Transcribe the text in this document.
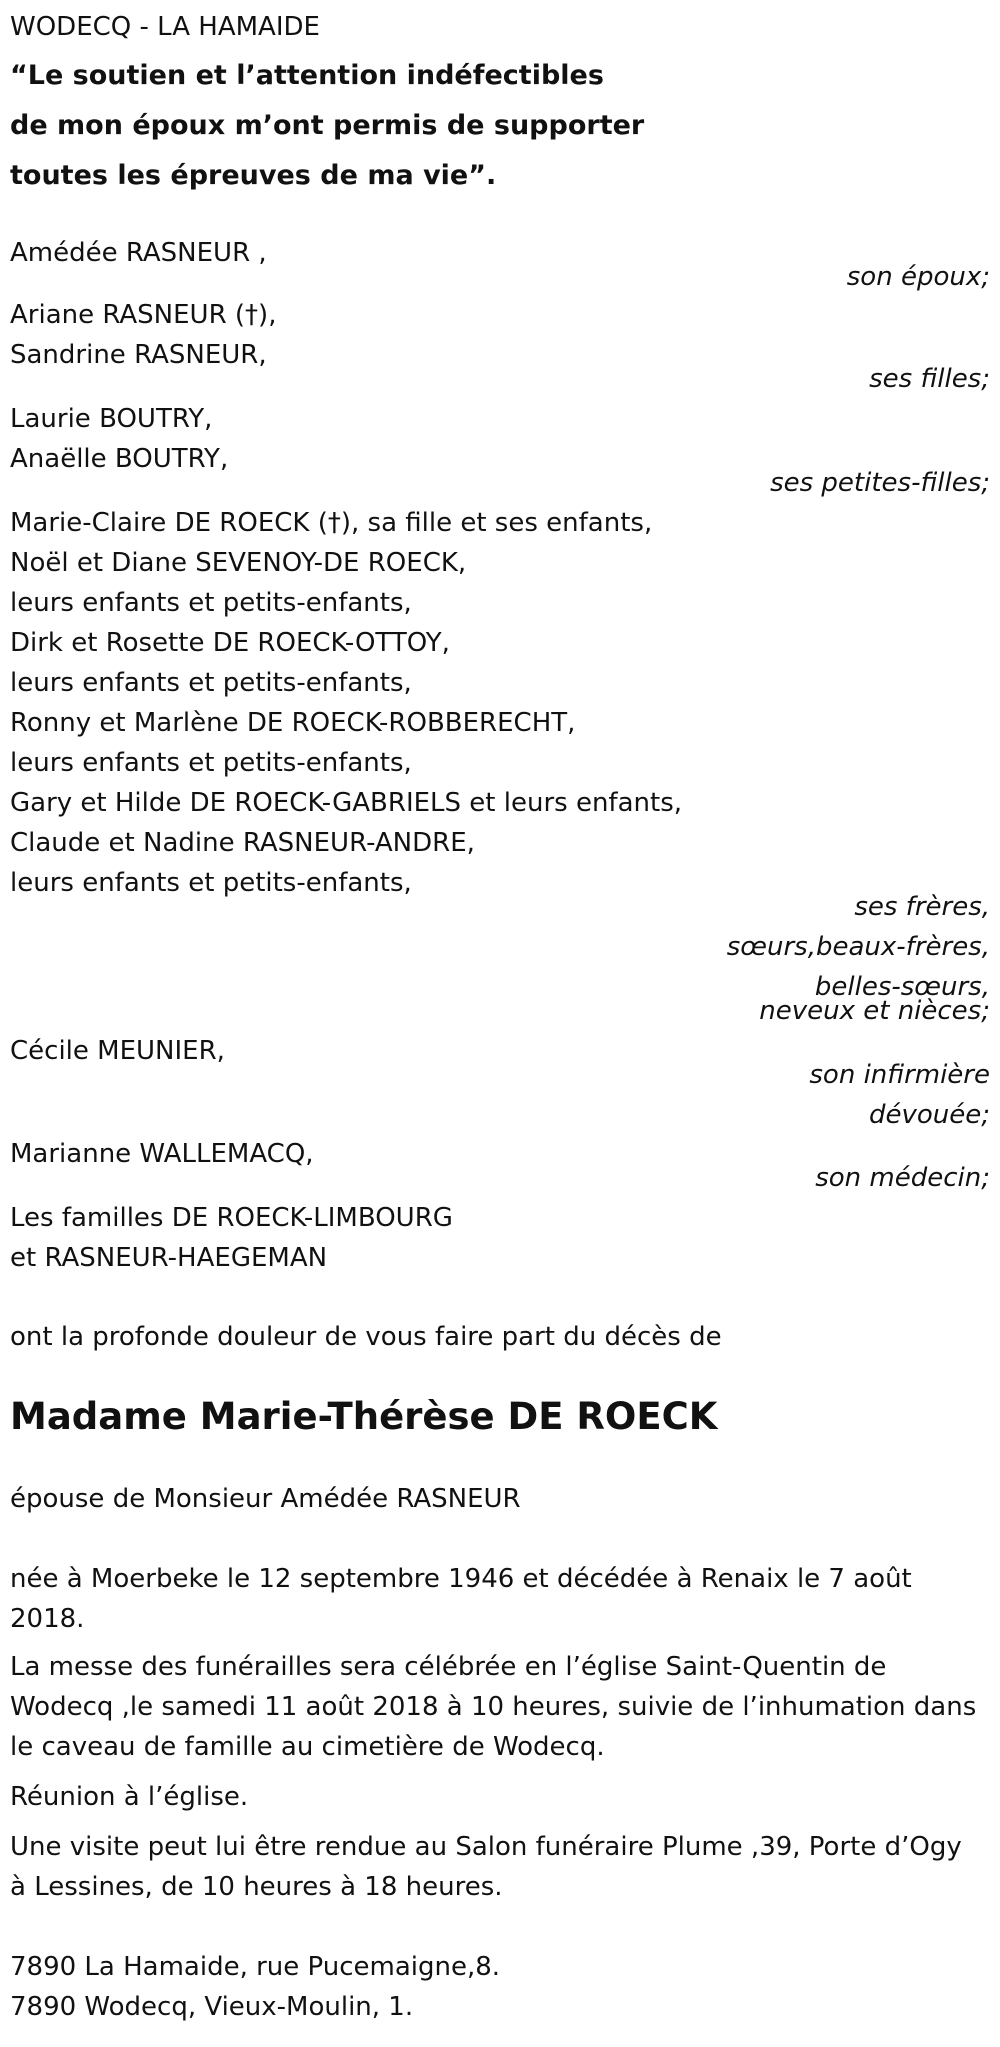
WODECQ - LA HAMAIDE
“Le soutien et l’attention indéfectibles
de mon époux m’ont permis de supporter
toutes les épreuves de ma vie”.
Amédée RASNEUR ,
son époux;
Ariane RASNEUR (†),
Sandrine RASNEUR,
ses filles;
Laurie BOUTRY,
Anaëlle BOUTRY,
ses petites-filles;
Marie-Claire DE ROECK (†), sa fille et ses enfants,
Noël et Diane SEVENOY-DE ROECK,
leurs enfants et petits-enfants,
Dirk et Rosette DE ROECK-OTTOY,
leurs enfants et petits-enfants,
Ronny et Marlène DE ROECK-ROBBERECHT,
leurs enfants et petits-enfants,
Gary et Hilde DE ROECK-GABRIELS et leurs enfants,
Claude et Nadine RASNEUR-ANDRE,
leurs enfants et petits-enfants,
ses frères,
sœurs,beaux-frères,
belles-sœurs,
neveux et nièces;
Cécile MEUNIER,
son infirmière
dévouée;
Marianne WALLEMACQ,
son médecin;
Les familles DE ROECK-LIMBOURG
et RASNEUR-HAEGEMAN
ont la profonde douleur de vous faire part du décès de
Madame Marie-Thérèse DE ROECK
épouse de Monsieur Amédée RASNEUR
née à Moerbeke le 12 septembre 1946 et décédée à Renaix le 7 août
2018.
La messe des funérailles sera célébrée en l’église Saint-Quentin de
Wodecq ,le samedi 11 août 2018 à 10 heures, suivie de l’inhumation dans
le caveau de famille au cimetière de Wodecq.
Réunion à l’église.
Une visite peut lui être rendue au Salon funéraire Plume ,39, Porte d’Ogy
à Lessines, de 10 heures à 18 heures.
7890 La Hamaide, rue Pucemaigne,8.
7890 Wodecq, Vieux-Moulin, 1.
